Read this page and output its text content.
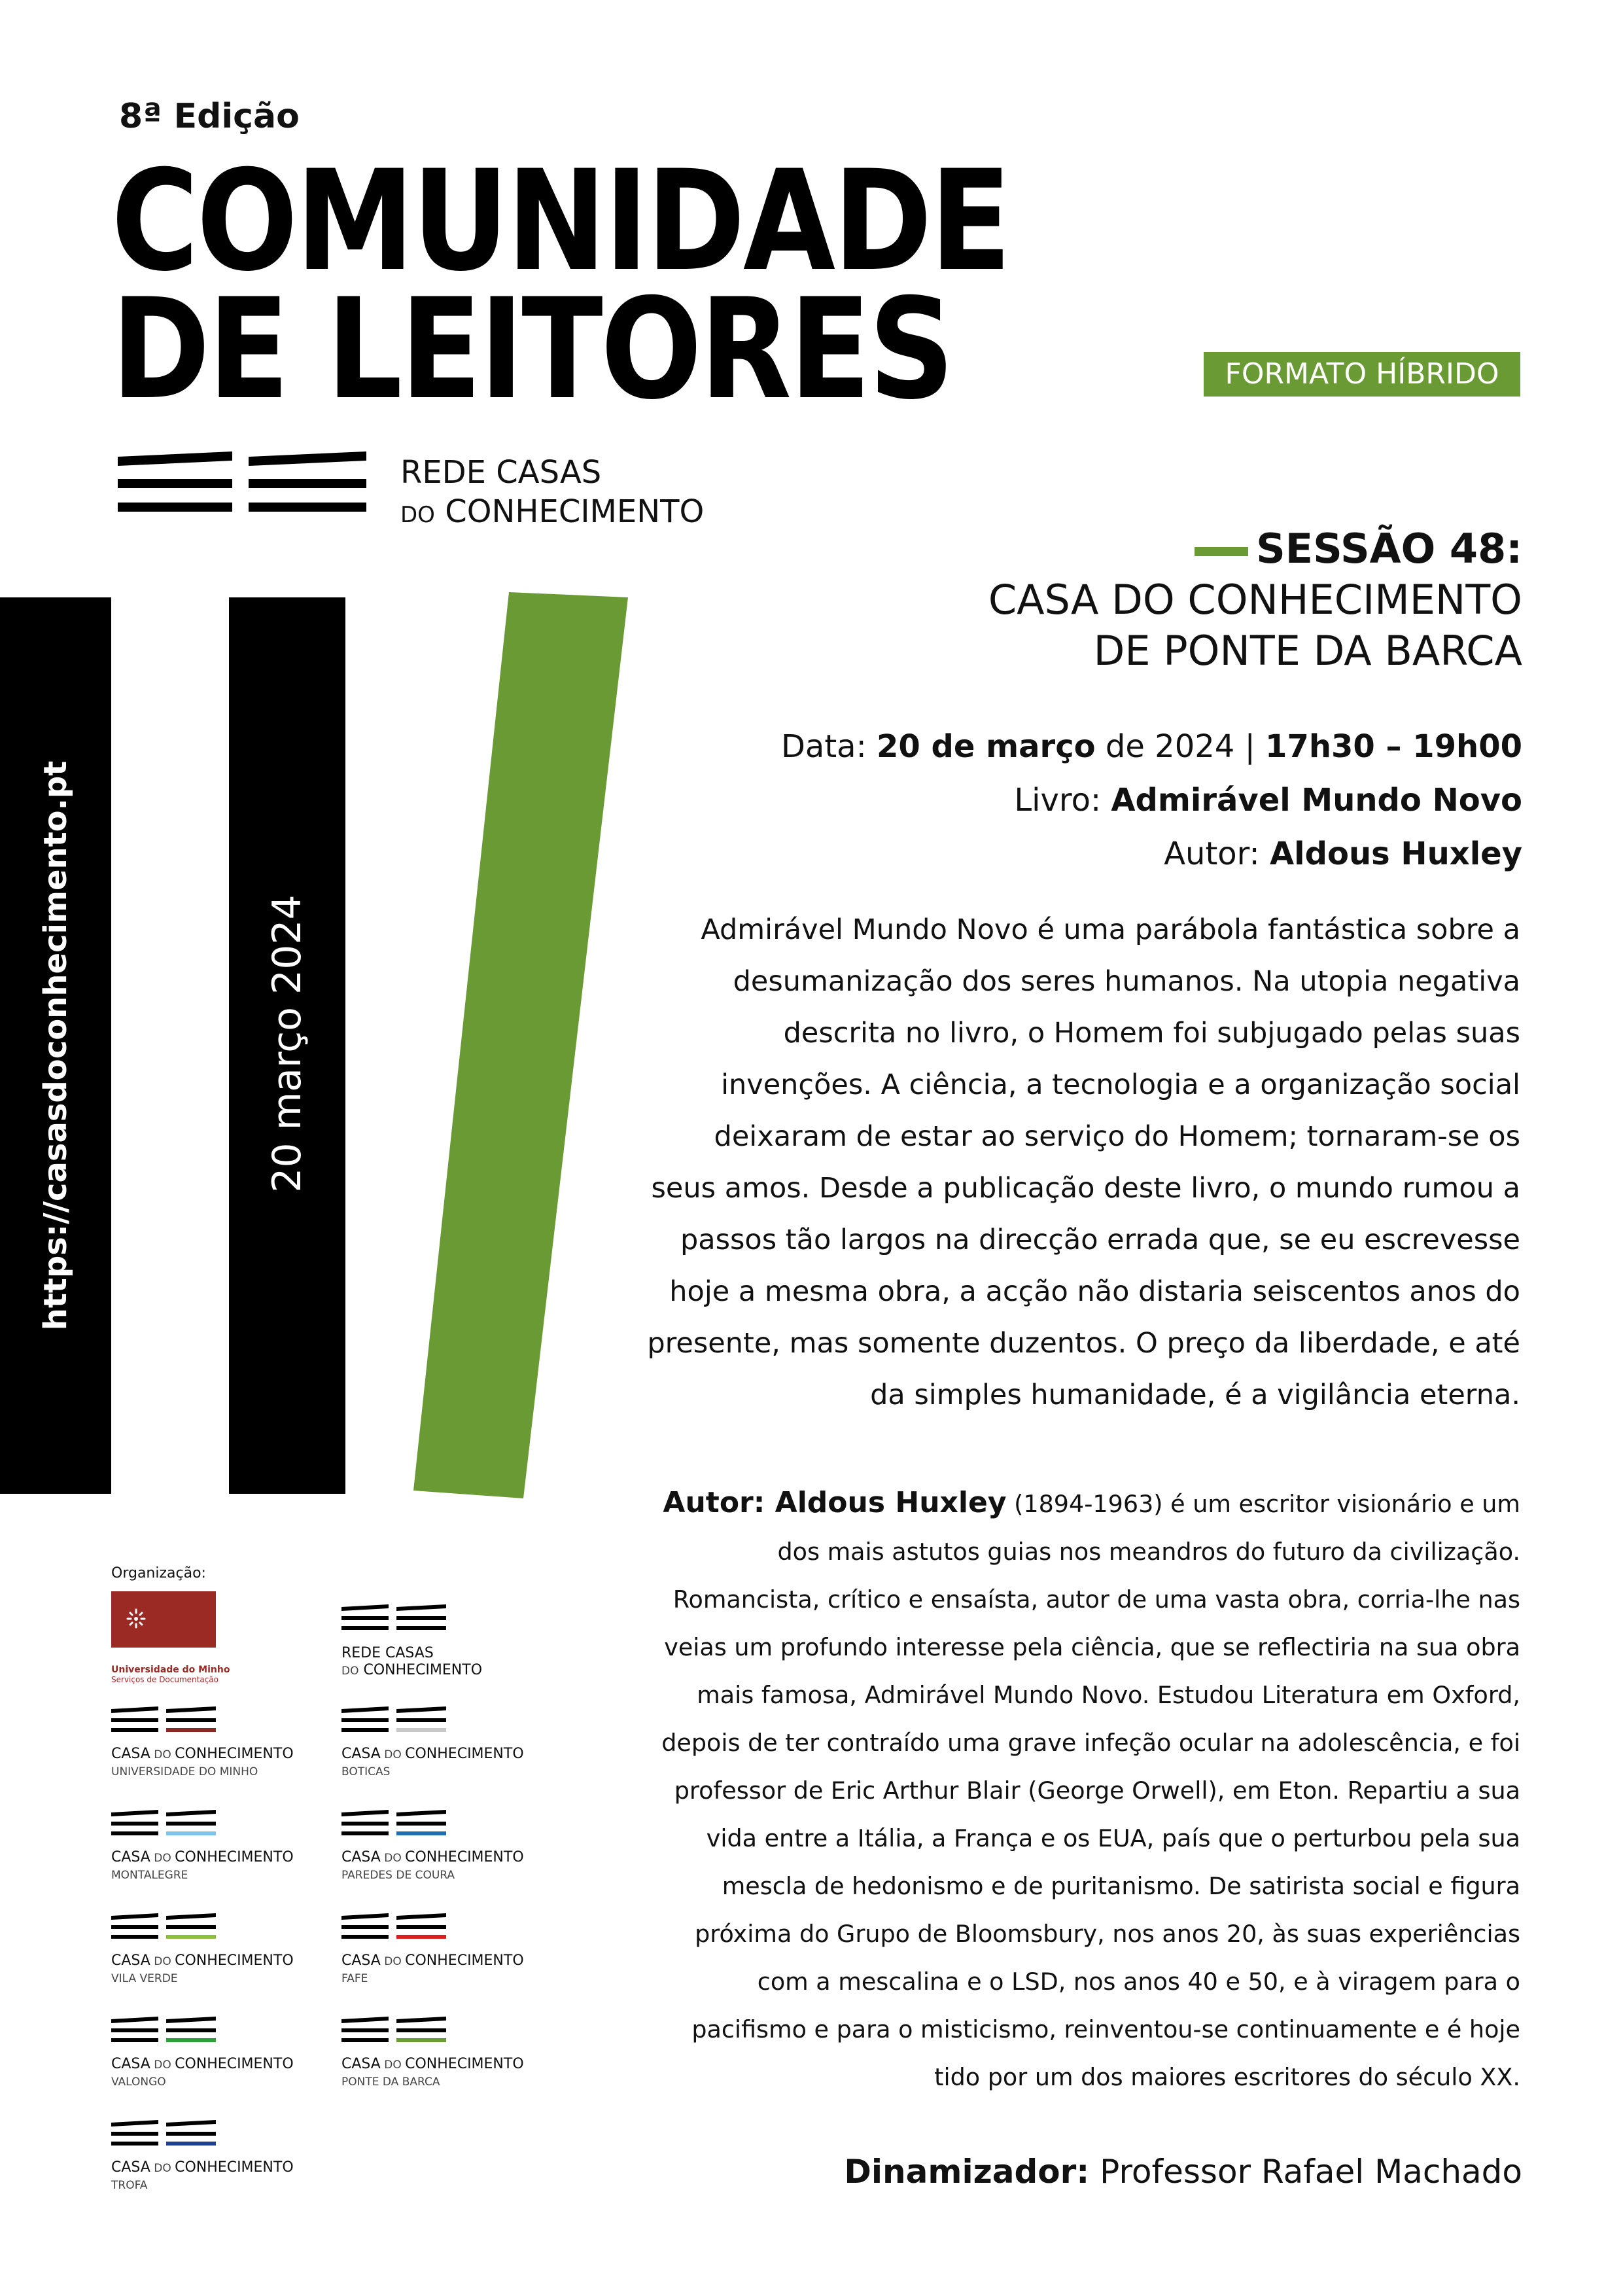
8ª Edição
COMUNIDADE
DE LEITORES	FORMATO HÍBRIDO
REDE CASAS
DO CONHECIMENTO
SESSÃO 48:
CASA DO CONHECIMENTO
DE PONTE DA BARCA
Data: 20 de março de 2024 | 17h30 – 19h00
Livro: Admirável Mundo Novo
Autor: Aldous Huxley
Admirável Mundo Novo é uma parábola fantástica sobre a desumanização dos seres humanos. Na utopia negativa descrita no livro, o Homem foi subjugado pelas suas invenções. A ciência, a tecnologia e a organização social deixaram de estar ao serviço do Homem; tornaram-se os seus amos. Desde a publicação deste livro, o mundo rumou a passos tão largos na direcção errada que, se eu escrevesse hoje a mesma obra, a acção não distaria seiscentos anos do presente, mas somente duzentos. O preço da liberdade, e até da simples humanidade, é a vigilância eterna.
Autor: Aldous Huxley (1894-1963) é um escritor visionário e um dos mais astutos guias nos meandros do futuro da civilização. Romancista, crítico e ensaísta, autor de uma vasta obra, corria-lhe nas veias um profundo interesse pela ciência, que se reflectiria na sua obra mais famosa, Admirável Mundo Novo. Estudou Literatura em Oxford, depois de ter contraído uma grave infeção ocular na adolescência, e foi professor de Eric Arthur Blair (George Orwell), em Eton. Repartiu a sua vida entre a Itália, a França e os EUA, país que o perturbou pela sua mescla de hedonismo e de puritanismo. De satirista social e figura próxima do Grupo de Bloomsbury, nos anos 20, às suas experiências com a mescalina e o LSD, nos anos 40 e 50, e à viragem para o pacifismo e para o misticismo, reinventou-se continuamente e é hoje tido por um dos maiores escritores do século XX.
Dinamizador: Professor Rafael Machado
https://casasdoconhecimento.pt	20 março 2024
Organização:
Universidade do Minho
Serviços de Documentação
REDE CASAS
DO CONHECIMENTO
CASA DO CONHECIMENTO
UNIVERSIDADE DO MINHO
CASA DO CONHECIMENTO
BOTICAS
CASA DO CONHECIMENTO
MONTALEGRE
CASA DO CONHECIMENTO
PAREDES DE COURA
CASA DO CONHECIMENTO
VILA VERDE
CASA DO CONHECIMENTO
FAFE
CASA DO CONHECIMENTO
VALONGO
CASA DO CONHECIMENTO
PONTE DA BARCA
CASA DO CONHECIMENTO
TROFA
